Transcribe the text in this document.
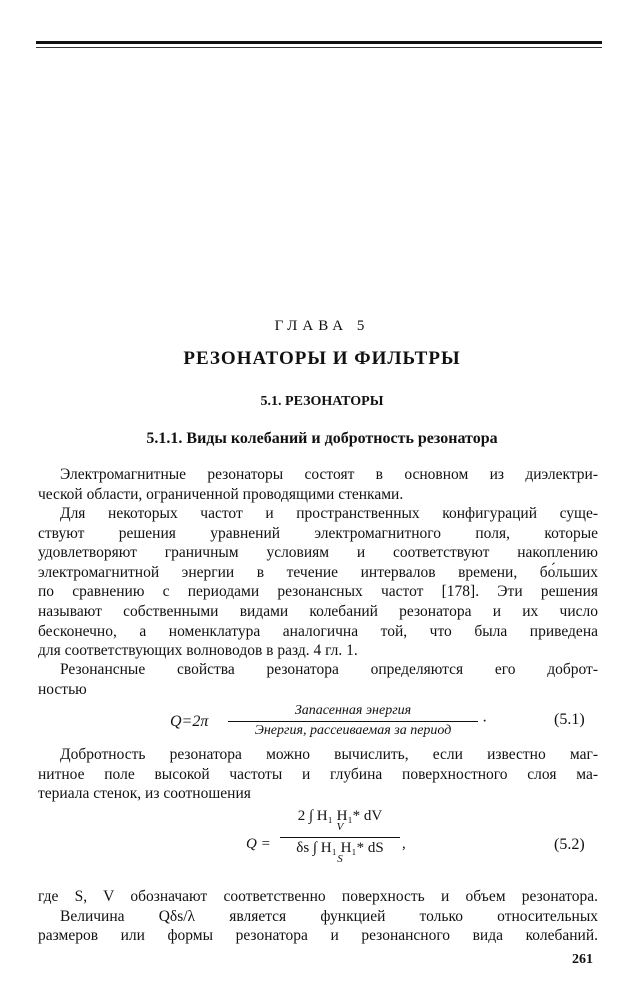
ГЛАВА 5
РЕЗОНАТОРЫ И ФИЛЬТРЫ
5.1. РЕЗОНАТОРЫ
5.1.1. Виды колебаний и добротность резонатора
Электромагнитные резонаторы состоят в основном из диэлектри-
ческой области, ограниченной проводящими стенками.
Для некоторых частот и пространственных конфигураций суще-
ствуют решения уравнений электромагнитного поля, которые
удовлетворяют граничным условиям и соответствуют накоплению
электромагнитной энергии в течение интервалов времени, бо́льших
по сравнению с периодами резонансных частот [178]. Эти решения
называют собственными видами колебаний резонатора и их число
бесконечно, а номенклатура аналогична той, что была приведена
для соответствующих волноводов в разд. 4 гл. 1.
Резонансные свойства резонатора определяются его доброт-
ностью
Q=2π
Запасенная энергия
Энергия, рассеиваемая за период
·	(5.1)
Добротность резонатора можно вычислить, если известно маг-
нитное поле высокой частоты и глубина поверхностного слоя ма-
териала стенок, из соотношения
Q =
2 ∫ H₁ H₁* dV
V
δs ∫ H₁ H₁* dS
S
,	(5.2)
где S, V обозначают соответственно поверхность и объем резонатора.
Величина Qδs/λ является функцией только относительных
размеров или формы резонатора и резонансного вида колебаний.
261
